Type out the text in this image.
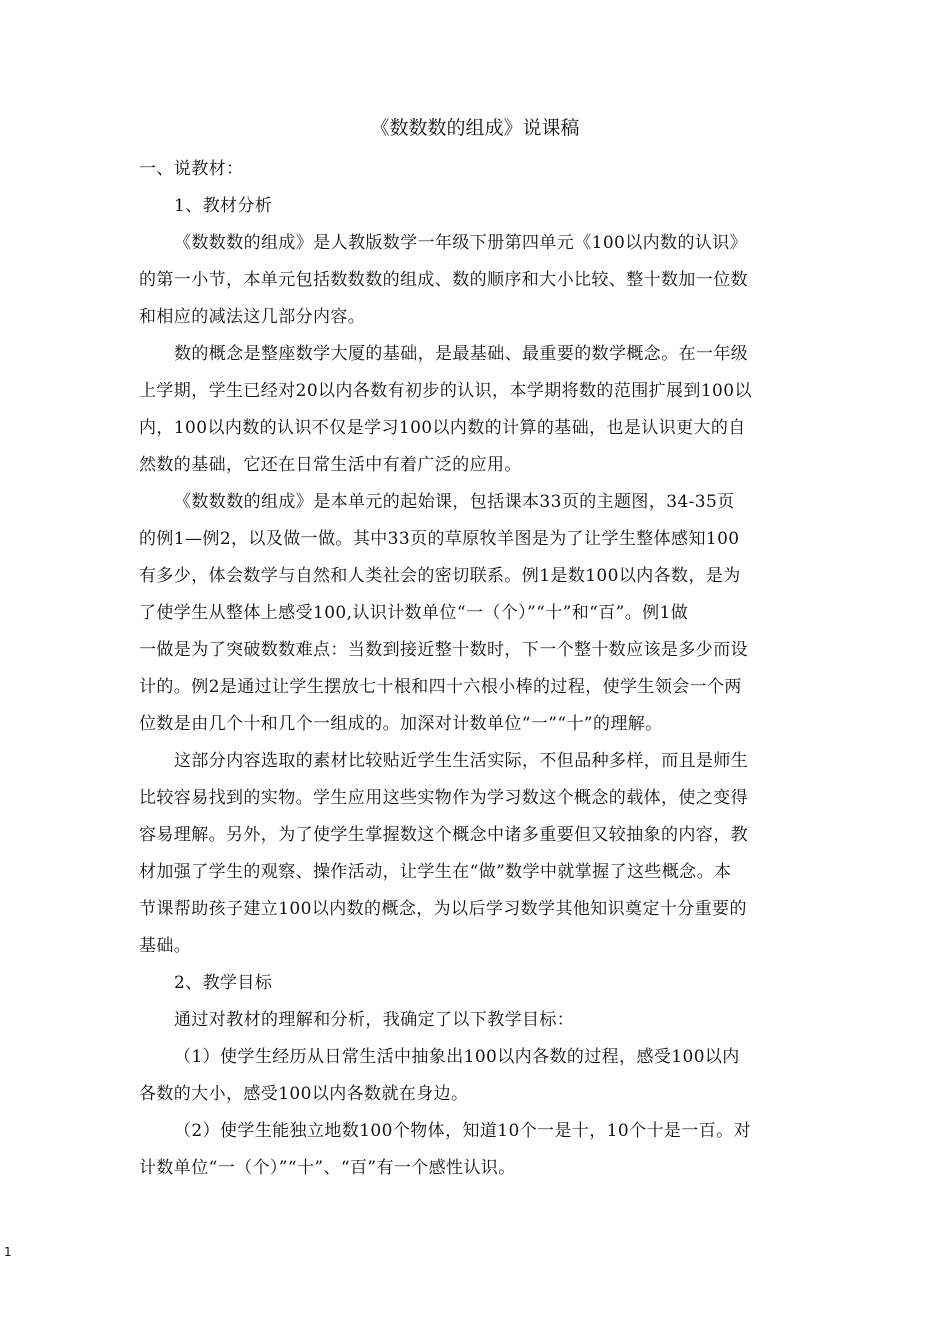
《数数数的组成》说课稿
一、说教材：
1、教材分析
《数数数的组成》是人教版数学一年级下册第四单元《100以内数的认识》
的第一小节，本单元包括数数数的组成、数的顺序和大小比较、整十数加一位数
和相应的减法这几部分内容。
数的概念是整座数学大厦的基础，是最基础、最重要的数学概念。在一年级
上学期，学生已经对20以内各数有初步的认识，本学期将数的范围扩展到100以
内，100以内数的认识不仅是学习100以内数的计算的基础，也是认识更大的自
然数的基础，它还在日常生活中有着广泛的应用。
《数数数的组成》是本单元的起始课，包括课本33页的主题图，34-35页
的例1—例2，以及做一做。其中33页的草原牧羊图是为了让学生整体感知100
有多少，体会数学与自然和人类社会的密切联系。例1是数100以内各数，是为
了使学生从整体上感受100,认识计数单位“一（个）”“十”和“百”。例1做
一做是为了突破数数难点：当数到接近整十数时，下一个整十数应该是多少而设
计的。例2是通过让学生摆放七十根和四十六根小棒的过程，使学生领会一个两
位数是由几个十和几个一组成的。加深对计数单位“一”“十”的理解。
这部分内容选取的素材比较贴近学生生活实际，不但品种多样，而且是师生
比较容易找到的实物。学生应用这些实物作为学习数这个概念的载体，使之变得
容易理解。另外，为了使学生掌握数这个概念中诸多重要但又较抽象的内容，教
材加强了学生的观察、操作活动，让学生在“做”数学中就掌握了这些概念。本
节课帮助孩子建立100以内数的概念，为以后学习数学其他知识奠定十分重要的
基础。
2、教学目标
通过对教材的理解和分析，我确定了以下教学目标：
（1）使学生经历从日常生活中抽象出100以内各数的过程，感受100以内
各数的大小，感受100以内各数就在身边。
（2）使学生能独立地数100个物体，知道10个一是十，10个十是一百。对
计数单位“一（个）”“十”、“百”有一个感性认识。
1
